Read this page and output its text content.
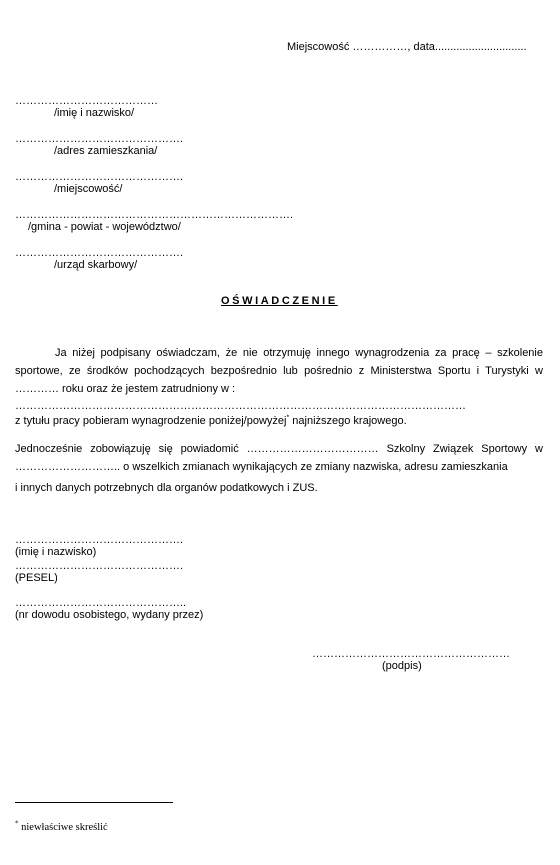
Miejscowość ……………, data..............................
…………………………………
/imię i nazwisko/
……………………………………….
/adres zamieszkania/
……………………………………….
/miejscowość/
………………………………………………………………….
/gmina - powiat - województwo/
……………………………………….
/urząd skarbowy/
OŚWIADCZENIE
Ja niżej podpisany oświadczam, że nie otrzymuję innego wynagrodzenia za pracę – szkolenie sportowe, ze środków pochodzących bezpośrednio lub pośrednio z Ministerstwa Sportu i Turystyki w ………… roku oraz że jestem zatrudniony w :
……………………………………………………………………………………………………………
z tytułu pracy pobieram wynagrodzenie poniżej/powyżej* najniższego krajowego.
Jednocześnie zobowiązuję się powiadomić ……………………………… Szkolny Związek Sportowy w ……………………….. o wszelkich zmianach wynikających ze zmiany nazwiska, adresu zamieszkania
i innych danych potrzebnych dla organów podatkowych i ZUS.
……………………………………….
(imię i nazwisko)
……………………………………….
(PESEL)
………………………………………..
(nr dowodu osobistego, wydany przez)
………………………………………………
(podpis)
* niewłaściwe skreślić
